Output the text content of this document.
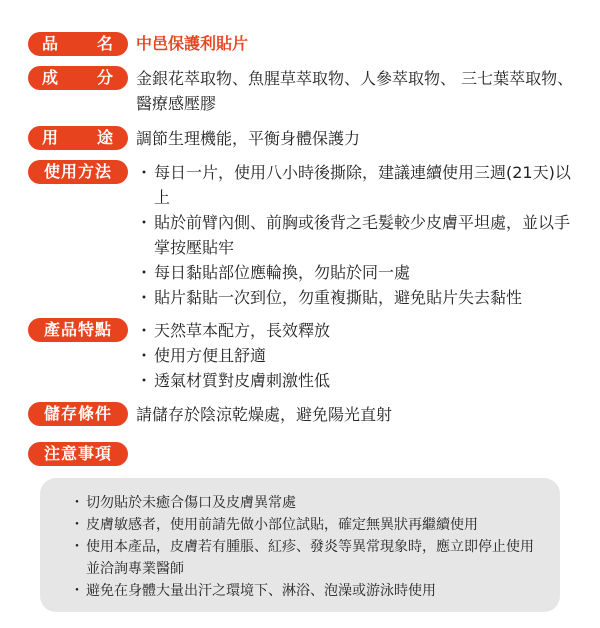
品 名 中邑保護利貼片
成 分 金銀花萃取物、魚腥草萃取物、人參萃取物、 三七葉萃取物、醫療感壓膠
用 途 調節生理機能，平衡身體保護力
使用方法	・ 每日一片，使用八小時後撕除，建議連續使用三週(21天)以上
・ 貼於前臂內側、前胸或後背之毛髮較少皮膚平坦處，並以手掌按壓貼牢
・ 每日黏貼部位應輪換，勿貼於同一處
・ 貼片黏貼一次到位，勿重複撕貼，避免貼片失去黏性
產品特點	・ 天然草本配方，長效釋放
・ 使用方便且舒適
・ 透氣材質對皮膚刺激性低
儲存條件	請儲存於陰涼乾燥處，避免陽光直射
注意事項
・ 切勿貼於未癒合傷口及皮膚異常處
・ 皮膚敏感者，使用前請先做小部位試貼，確定無異狀再繼續使用
・ 使用本產品，皮膚若有腫脹、紅疹、發炎等異常現象時，應立即停止使用並洽詢專業醫師
・ 避免在身體大量出汗之環境下、淋浴、泡澡或游泳時使用
